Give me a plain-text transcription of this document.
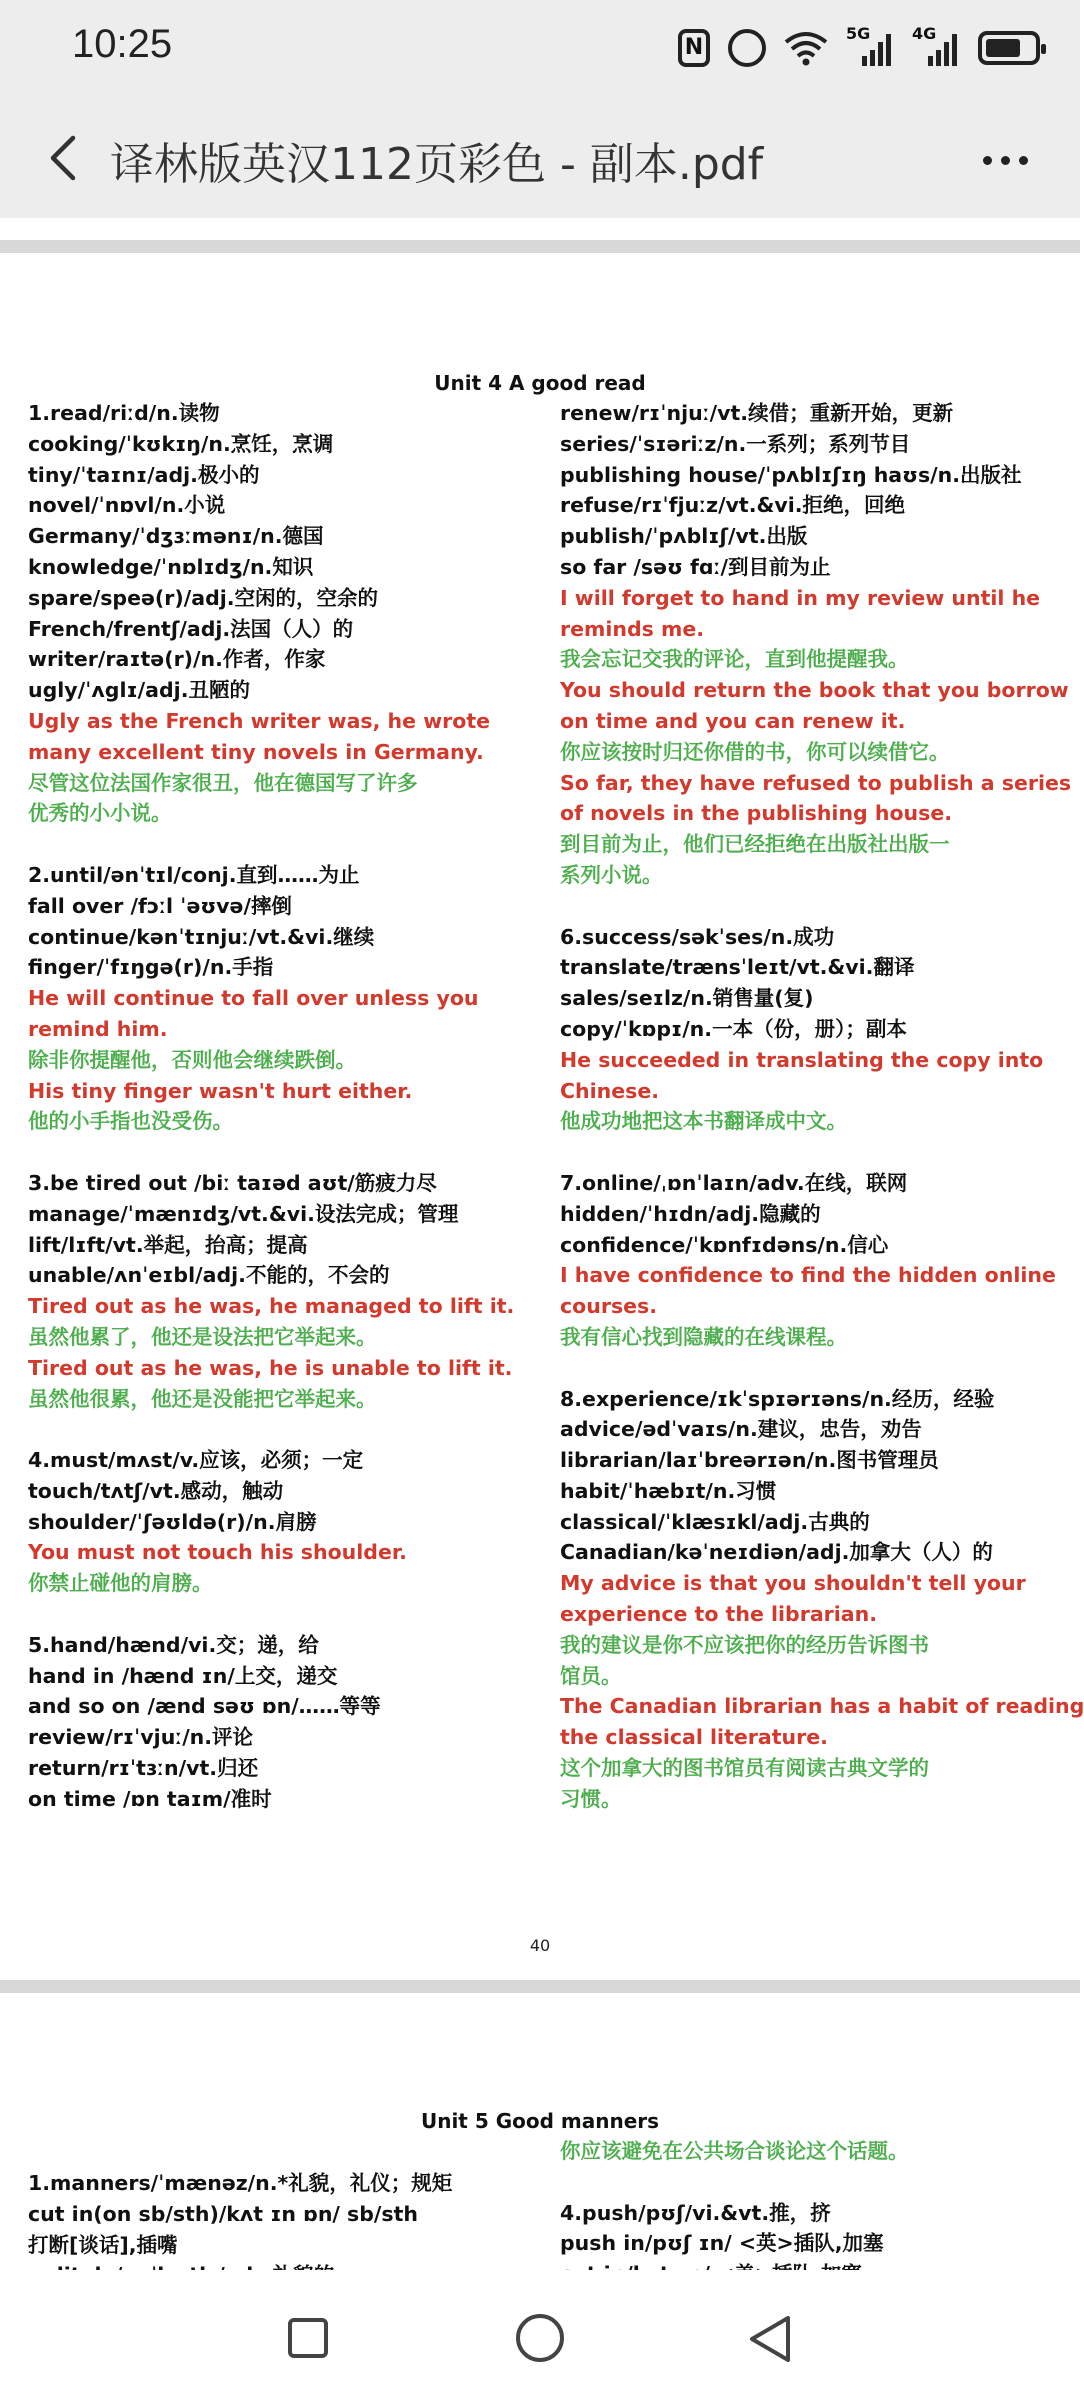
10:25	N
5G	4G
译林版英汉112页彩色 - 副本.pdf
Unit 4 A good read
1.read/riːd/n.读物
cooking/ˈkʊkɪŋ/n.烹饪，烹调
tiny/ˈtaɪnɪ/adj.极小的
novel/ˈnɒvl/n.小说
Germany/ˈdʒɜːmənɪ/n.德国
knowledge/ˈnɒlɪdʒ/n.知识
spare/speə(r)/adj.空闲的，空余的
French/frentʃ/adj.法国（人）的
writer/raɪtə(r)/n.作者，作家
ugly/ˈʌglɪ/adj.丑陋的
Ugly as the French writer was, he wrote
many excellent tiny novels in Germany.
尽管这位法国作家很丑，他在德国写了许多
优秀的小小说。
2.until/ənˈtɪl/conj.直到……为止
fall over /fɔːl ˈəʊvə/摔倒
continue/kənˈtɪnjuː/vt.&vi.继续
finger/ˈfɪŋgə(r)/n.手指
He will continue to fall over unless you
remind him.
除非你提醒他，否则他会继续跌倒。
His tiny finger wasn't hurt either.
他的小手指也没受伤。
3.be tired out /biː taɪəd aʊt/筋疲力尽
manage/ˈmænɪdʒ/vt.&vi.设法完成；管理
lift/lɪft/vt.举起，抬高；提高
unable/ʌnˈeɪbl/adj.不能的，不会的
Tired out as he was, he managed to lift it.
虽然他累了，他还是设法把它举起来。
Tired out as he was, he is unable to lift it.
虽然他很累，他还是没能把它举起来。
4.must/mʌst/v.应该，必须；一定
touch/tʌtʃ/vt.感动，触动
shoulder/ˈʃəʊldə(r)/n.肩膀
You must not touch his shoulder.
你禁止碰他的肩膀。
5.hand/hænd/vi.交；递，给
hand in /hænd ɪn/上交，递交
and so on /ænd səʊ ɒn/……等等
review/rɪˈvjuː/n.评论
return/rɪˈtɜːn/vt.归还
on time /ɒn taɪm/准时
renew/rɪˈnjuː/vt.续借；重新开始，更新
series/ˈsɪəriːz/n.一系列；系列节目
publishing house/ˈpʌblɪʃɪŋ haʊs/n.出版社
refuse/rɪˈfjuːz/vt.&vi.拒绝，回绝
publish/ˈpʌblɪʃ/vt.出版
so far /səʊ fɑː/到目前为止
I will forget to hand in my review until he
reminds me.
我会忘记交我的评论，直到他提醒我。
You should return the book that you borrow
on time and you can renew it.
你应该按时归还你借的书，你可以续借它。
So far, they have refused to publish a series
of novels in the publishing house.
到目前为止，他们已经拒绝在出版社出版一
系列小说。
6.success/səkˈses/n.成功
translate/trænsˈleɪt/vt.&vi.翻译
sales/seɪlz/n.销售量(复)
copy/ˈkɒpɪ/n.一本（份，册）；副本
He succeeded in translating the copy into
Chinese.
他成功地把这本书翻译成中文。
7.online/ˌɒnˈlaɪn/adv.在线，联网
hidden/ˈhɪdn/adj.隐藏的
confidence/ˈkɒnfɪdəns/n.信心
I have confidence to find the hidden online
courses.
我有信心找到隐藏的在线课程。
8.experience/ɪkˈspɪərɪəns/n.经历，经验
advice/ədˈvaɪs/n.建议，忠告，劝告
librarian/laɪˈbreərɪən/n.图书管理员
habit/ˈhæbɪt/n.习惯
classical/ˈklæsɪkl/adj.古典的
Canadian/kəˈneɪdiən/adj.加拿大（人）的
My advice is that you shouldn't tell your
experience to the librarian.
我的建议是你不应该把你的经历告诉图书
馆员。
The Canadian librarian has a habit of reading
the classical literature.
这个加拿大的图书馆员有阅读古典文学的
习惯。
40
Unit 5 Good manners
1.manners/ˈmænəz/n.*礼貌，礼仪；规矩
cut in(on sb/sth)/kʌt ɪn ɒn/ sb/sth
打断[谈话],插嘴
你应该避免在公共场合谈论这个话题。
4.push/pʊʃ/vi.&vt.推，挤
push in/pʊʃ ɪn/ <英>插队,加塞
